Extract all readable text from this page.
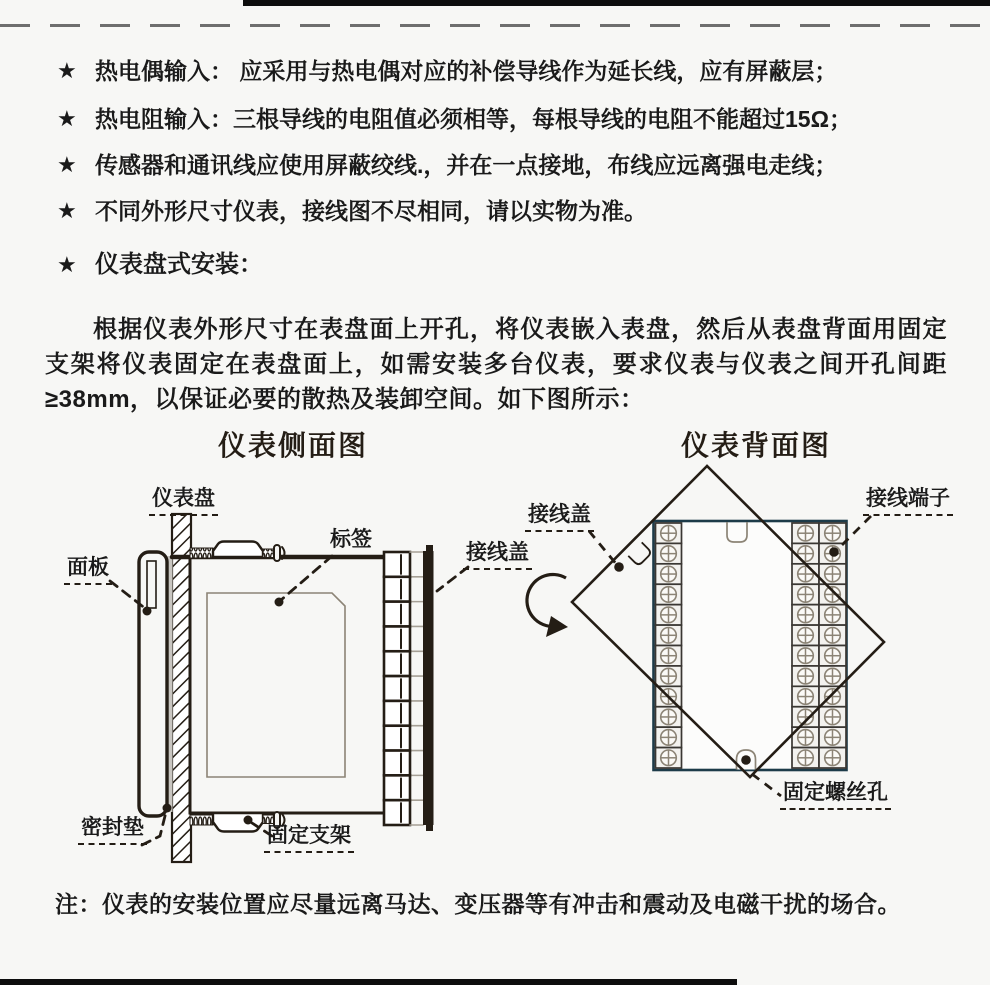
★ 热电偶输入： 应采用与热电偶对应的补偿导线作为延长线，应有屏蔽层；
★ 热电阻输入：三根导线的电阻值必须相等，每根导线的电阻不能超过15Ω；
★ 传感器和通讯线应使用屏蔽绞线.，并在一点接地，布线应远离强电走线；
★ 不同外形尺寸仪表，接线图不尽相同，请以实物为准。
★ 仪表盘式安装：

根据仪表外形尺寸在表盘面上开孔，将仪表嵌入表盘，然后从表盘背面用固定支架将仪表固定在表盘面上，如需安装多台仪表，要求仪表与仪表之间开孔间距≥38mm，以保证必要的散热及装卸空间。如下图所示：

仪表侧面图	仪表背面图
仪表盘
面板
标签
接线盖
密封垫	固定支架
接线盖
接线端子
固定螺丝孔
注：仪表的安装位置应尽量远离马达、变压器等有冲击和震动及电磁干扰的场合。
